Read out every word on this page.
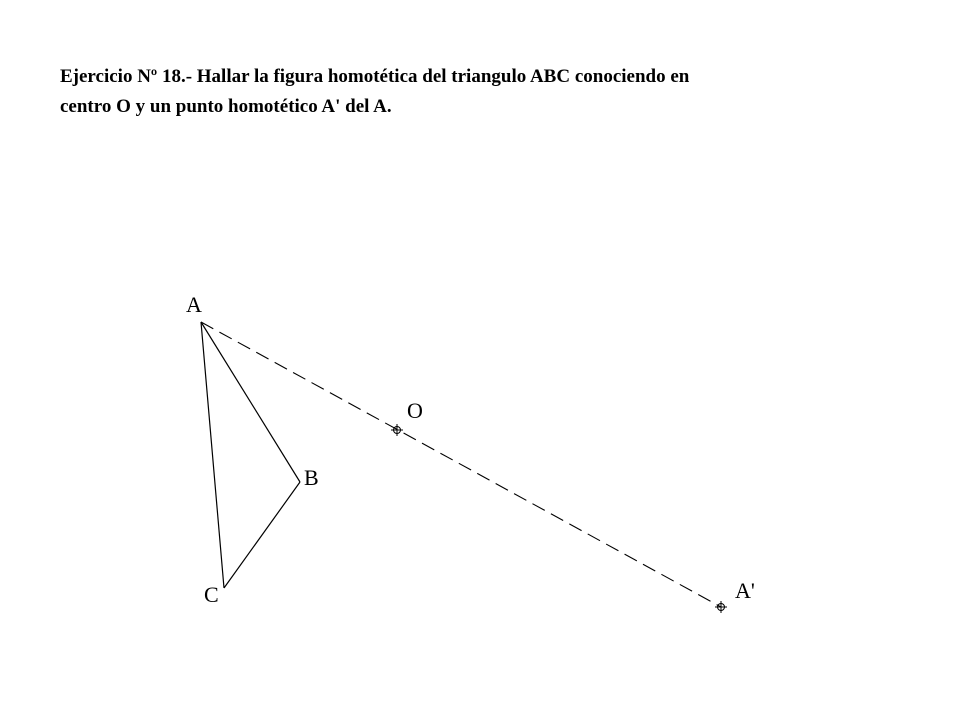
Ejercicio Nº 18.- Hallar la figura homotética del triangulo ABC conociendo en
centro O y un punto homotético A' del A.
A
B
C
O
A'
